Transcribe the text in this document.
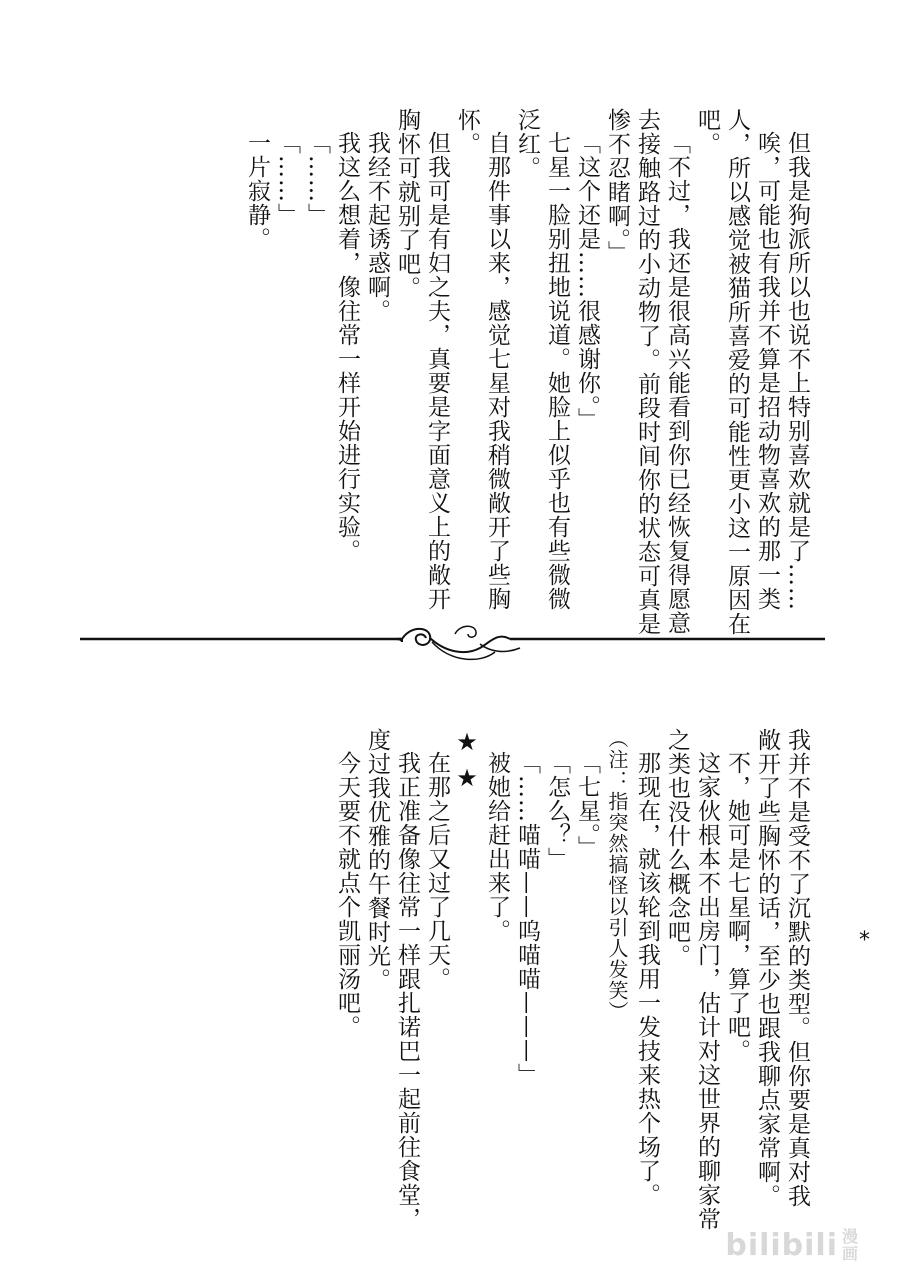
但我是狗派所以也说不上特别喜欢就是了……
唉，可能也有我并不算是招动物喜欢的那一类
人，所以感觉被猫所喜爱的可能性更小这一原因在
吧。
「不过，我还是很高兴能看到你已经恢复得愿意
去接触路过的小动物了。前段时间你的状态可真是
惨不忍睹啊。」
「这个还是……很感谢你。」
七星一脸别扭地说道。她脸上似乎也有些微微
泛红。
自那件事以来，感觉七星对我稍微敞开了些胸
怀。
但我可是有妇之夫，真要是字面意义上的敞开
胸怀可就别了吧。
我经不起诱惑啊。
我这么想着，像往常一样开始进行实验。
「……」
「……」
一片寂静。
*
我并不是受不了沉默的类型。但你要是真对我
敞开了些胸怀的话，至少也跟我聊点家常啊。
不，她可是七星啊，算了吧。
这家伙根本不出房门，估计对这世界的聊家常
之类也没什么概念吧。
那现在，就该轮到我用一发技来热个场了。
（注：指突然搞怪以引人发笑）
「七星。」
「怎么？」
「……喵喵——呜喵喵———」
被她给赶出来了。
★★
在那之后又过了几天。
我正准备像往常一样跟扎诺巴一起前往食堂，
度过我优雅的午餐时光。
今天要不就点个凯丽汤吧。
bilibili 漫画
